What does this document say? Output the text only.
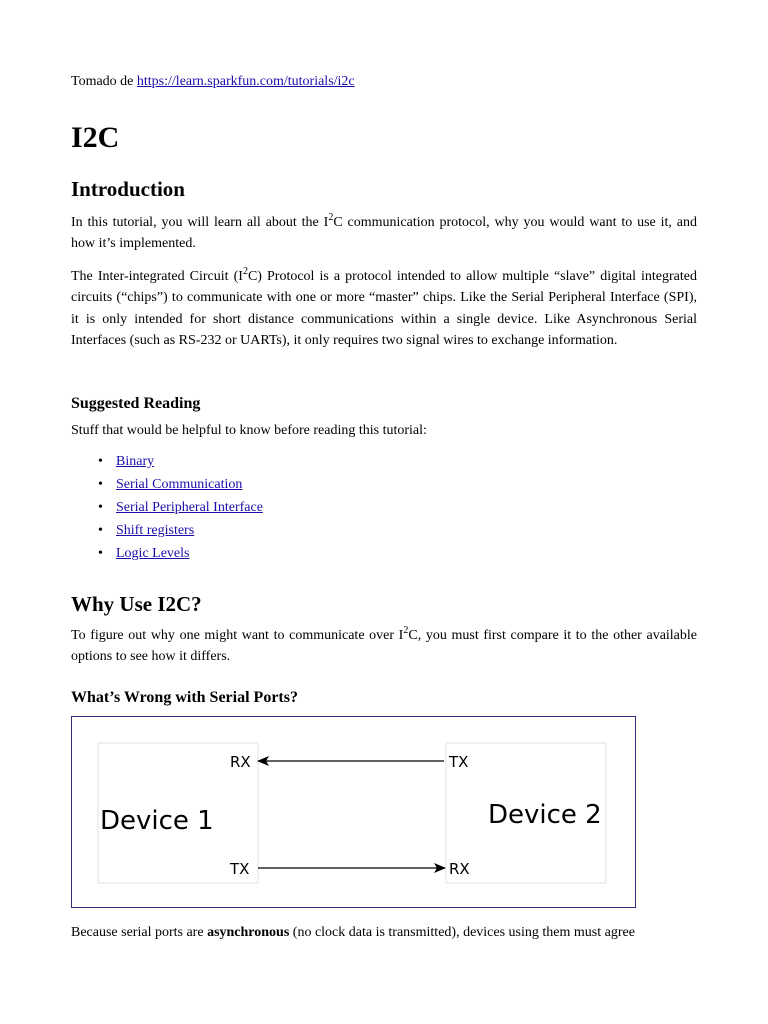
Tomado de https://learn.sparkfun.com/tutorials/i2c
I2C
Introduction

In this tutorial, you will learn all about the $I^2C$ communication protocol, why you would want to use it, and how it’s implemented.

The Inter-integrated Circuit $(I^2C)$ Protocol is a protocol intended to allow multiple “slave” digital integrated circuits (“chips”) to communicate with one or more “master” chips. Like the Serial Peripheral Interface (SPI), it is only intended for short distance communications within a single device. Like Asynchronous Serial Interfaces (such as RS-232 or UARTs), it only requires two signal wires to exchange information.

Suggested Reading

Stuff that would be helpful to know before reading this tutorial:

• Binary
• Serial Communication
• Serial Peripheral Interface
• Shift registers
• Logic Levels
Why Use I2C?

To figure out why one might want to communicate over $I^2C$, you must first compare it to the other available options to see how it differs.

What’s Wrong with Serial Ports?

Because serial ports are asynchronous (no clock data is transmitted), devices using them must agree

Device 1	Device 2
RX
TX
TX
RX
